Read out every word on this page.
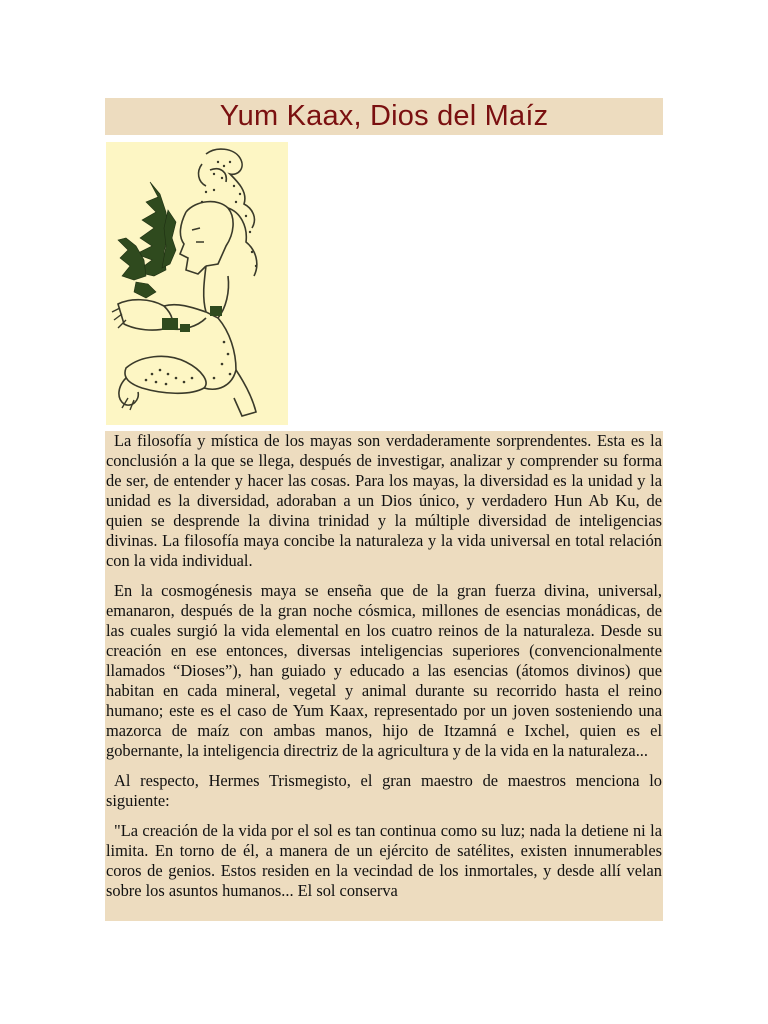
Yum Kaax, Dios del Maíz

La filosofía y mística de los mayas son verdaderamente sorprendentes. Esta es la conclusión a la que se llega, después de investigar, analizar y comprender su forma de ser, de entender y hacer las cosas. Para los mayas, la diversidad es la unidad y la unidad es la diversidad, adoraban a un Dios único, y verdadero Hun Ab Ku, de quien se desprende la divina trinidad y la múltiple diversidad de inteligencias divinas. La filosofía maya concibe la naturaleza y la vida universal en total relación con la vida individual.

En la cosmogénesis maya se enseña que de la gran fuerza divina, universal, emanaron, después de la gran noche cósmica, millones de esencias monádicas, de las cuales surgió la vida elemental en los cuatro reinos de la naturaleza. Desde su creación en ese entonces, diversas inteligencias superiores (convencionalmente llamados “Dioses”), han guiado y educado a las esencias (átomos divinos) que habitan en cada mineral, vegetal y animal durante su recorrido hasta el reino humano; este es el caso de Yum Kaax, representado por un joven sosteniendo una mazorca de maíz con ambas manos, hijo de Itzamná e Ixchel, quien es el gobernante, la inteligencia directriz de la agricultura y de la vida en la naturaleza...

Al respecto, Hermes Trismegisto, el gran maestro de maestros menciona lo siguiente:

"La creación de la vida por el sol es tan continua como su luz; nada la detiene ni la limita. En torno de él, a manera de un ejército de satélites, existen innumerables coros de genios. Estos residen en la vecindad de los inmortales, y desde allí velan sobre los asuntos humanos... El sol conserva
